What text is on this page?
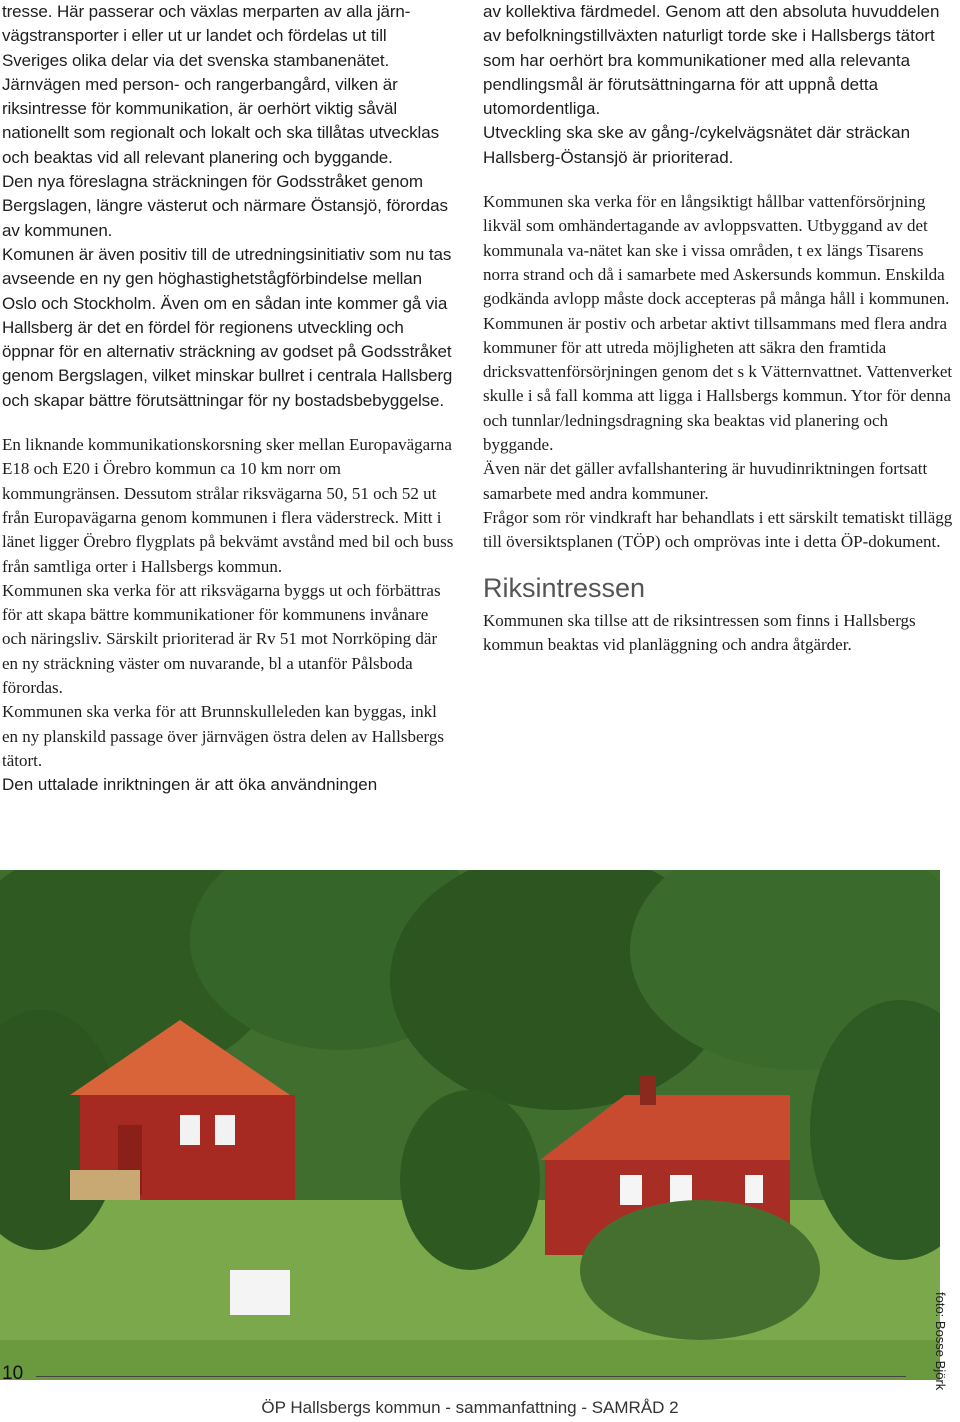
tresse. Här passerar och växlas merparten av alla järn-vägstransporter i eller ut ur landet och fördelas ut till Sveriges olika delar via det svenska stambanenätet. Järnvägen med person- och rangerbangård, vilken är riksintresse för kommunikation, är oerhört viktig såväl nationellt som regionalt och lokalt och ska tillåtas utvecklas och beaktas vid all relevant planering och byggande.

Den nya föreslagna sträckningen för Godsstråket genom Bergslagen, längre västerut och närmare Östansjö, förordas av kommunen.

Komunen är även positiv till de utredningsinitiativ som nu tas avseende en ny gen höghastighetstågförbindelse mellan Oslo och Stockholm. Även om en sådan inte kommer gå via Hallsberg är det en fördel för regionens utveckling och öppnar för en alternativ sträckning av godset på Godsstråket genom Bergslagen, vilket minskar bullret i centrala Hallsberg och skapar bättre förutsättningar för ny bostadsbebyggelse.

En liknande kommunikationskorsning sker mellan Europavägarna E18 och E20 i Örebro kommun ca 10 km norr om kommungränsen. Dessutom strålar riksvägarna 50, 51 och 52 ut från Europavägarna genom kommunen i flera väderstreck. Mitt i länet ligger Örebro flygplats på bekvämt avstånd med bil och buss från samtliga orter i Hallsbergs kommun.

Kommunen ska verka för att riksvägarna byggs ut och förbättras för att skapa bättre kommunikationer för kommunens invånare och näringsliv. Särskilt prioriterad är Rv 51 mot Norrköping där en ny sträckning väster om nuvarande, bl a utanför Pålsboda förordas.

Kommunen ska verka för att Brunnskulleleden kan byggas, inkl en ny planskild passage över järnvägen östra delen av Hallsbergs tätort.

Den uttalade inriktningen är att öka användningen

av kollektiva färdmedel. Genom att den absoluta huvuddelen av befolkningstillväxten naturligt torde ske i Hallsbergs tätort som har oerhört bra kommunikationer med alla relevanta pendlingsmål är förutsättningarna för att uppnå detta utomordentliga.

Utveckling ska ske av gång-/cykelvägsnätet där sträckan Hallsberg-Östansjö är prioriterad.

Kommunen ska verka för en långsiktigt hållbar vattenförsörjning likväl som omhändertagande av avloppsvatten. Utbyggand av det kommunala va-nätet kan ske i vissa områden, t ex längs Tisarens norra strand och då i samarbete med Askersunds kommun. Enskilda godkända avlopp måste dock accepteras på många håll i kommunen.

Kommunen är postiv och arbetar aktivt tillsammans med flera andra kommuner för att utreda möjligheten att säkra den framtida dricksvattenförsörjningen genom det s k Vätternvattnet. Vattenverket skulle i så fall komma att ligga i Hallsbergs kommun. Ytor för denna och tunnlar/ledningsdragning ska beaktas vid planering och byggande.

Även när det gäller avfallshantering är huvudinriktningen fortsatt samarbete med andra kommuner.

Frågor som rör vindkraft har behandlats i ett särskilt tematiskt tillägg till översiktsplanen (TÖP) och omprövas inte i detta ÖP-dokument.

Riksintressen

Kommunen ska tillse att de riksintressen som finns i Hallsbergs kommun beaktas vid planläggning och andra åtgärder.

foto: Bosse Björk
10
ÖP Hallsbergs kommun - sammanfattning - SAMRÅD 2
